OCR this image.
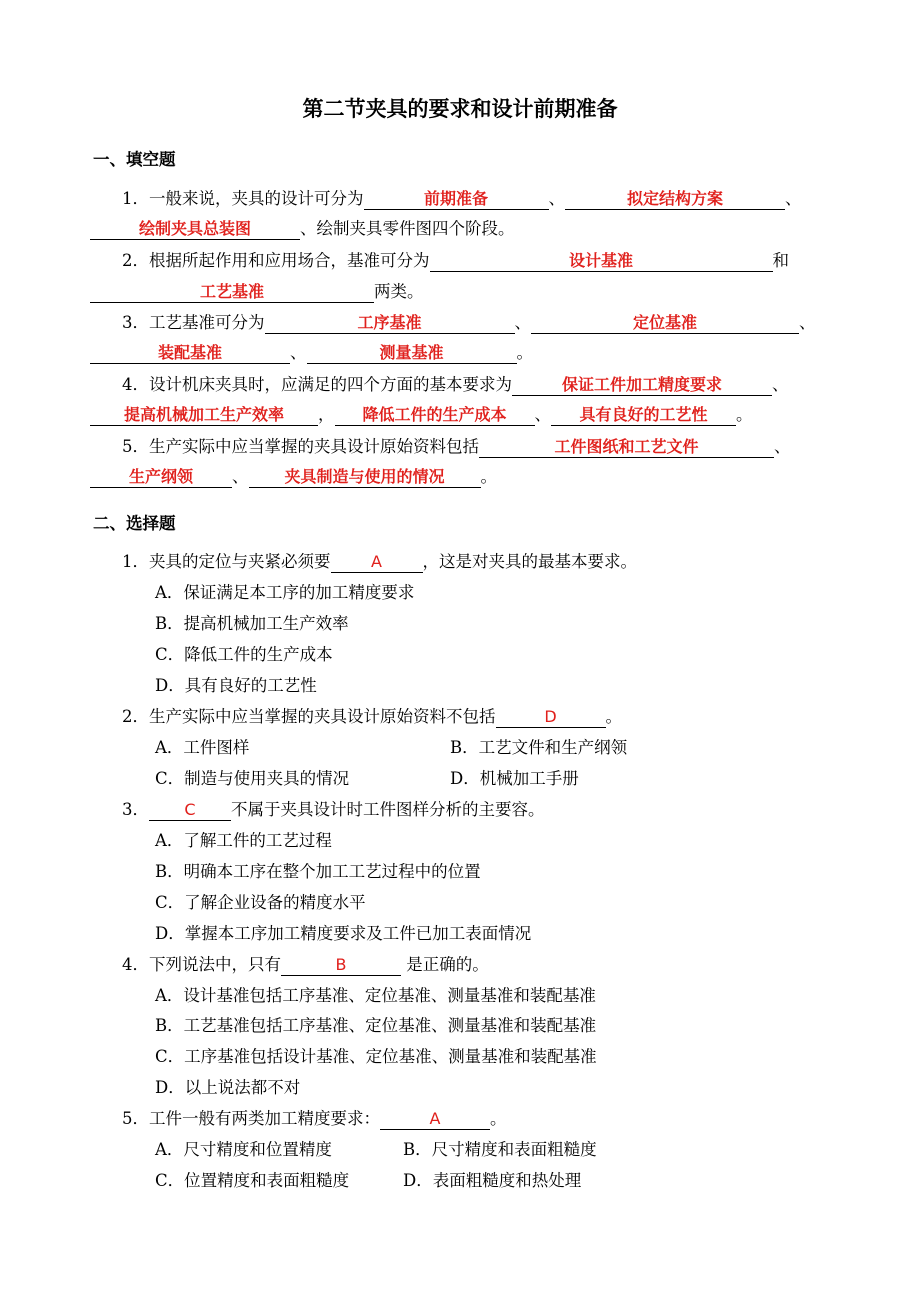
第二节夹具的要求和设计前期准备
一、填空题
1．一般来说，夹具的设计可分为	前期准备	、	拟定结构方案	、
绘制夹具总装图	、绘制夹具零件图四个阶段。
2．根据所起作用和应用场合，基准可分为	设计基准	和
工艺基准	两类。
3．工艺基准可分为	工序基准	、	定位基准	、
装配基准	、	测量基准	。
4．设计机床夹具时，应满足的四个方面的基本要求为	保证工件加工精度要求	、
提高机械加工生产效率 ， 降低工件的生产成本 、 具有良好的工艺性 。
5．生产实际中应当掌握的夹具设计原始资料包括	工件图纸和工艺文件	、
生产纲领 、 夹具制造与使用的情况 。
二、选择题
1．夹具的定位与夹紧必须要	A ，这是对夹具的最基本要求。
A．保证满足本工序的加工精度要求
B．提高机械加工生产效率
C．降低工件的生产成本
D．具有良好的工艺性
2．生产实际中应当掌握的夹具设计原始资料不包括	D	。
A．工件图样	B．工艺文件和生产纲领
C．制造与使用夹具的情况	D．机械加工手册
3． C 不属于夹具设计时工件图样分析的主要容。
A．了解工件的工艺过程
B．明确本工序在整个加工工艺过程中的位置
C．了解企业设备的精度水平
D．掌握本工序加工精度要求及工件已加工表面情况
4．下列说法中，只有	B	是正确的。
A．设计基准包括工序基准、定位基准、测量基准和装配基准
B．工艺基准包括工序基准、定位基准、测量基准和装配基准
C．工序基准包括设计基准、定位基准、测量基准和装配基准
D．以上说法都不对
5．工件一般有两类加工精度要求：	A	。
A．尺寸精度和位置精度	B．尺寸精度和表面粗糙度
C．位置精度和表面粗糙度	D．表面粗糙度和热处理
